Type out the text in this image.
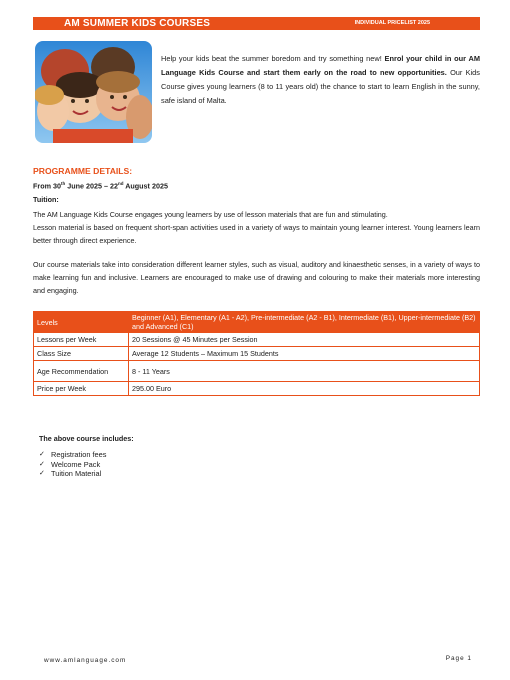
AM SUMMER KIDS COURSES	INDIVIDUAL PRICELIST 2025
Help your kids beat the summer boredom and try something new! Enrol your child in our AM Language Kids Course and start them early on the road to new opportunities. Our Kids Course gives young learners (8 to 11 years old) the chance to start to learn English in the sunny, safe island of Malta.
PROGRAMME DETAILS:
From 30th June 2025 – 22nd August 2025
Tuition:
The AM Language Kids Course engages young learners by use of lesson materials that are fun and stimulating.
Lesson material is based on frequent short-span activities used in a variety of ways to maintain young learner interest. Young learners learn better through direct experience.
Our course materials take into consideration different learner styles, such as visual, auditory and kinaesthetic senses, in a variety of ways to make learning fun and inclusive. Learners are encouraged to make use of drawing and colouring to make their materials more interesting and engaging.
Levels	Beginner (A1), Elementary (A1 - A2), Pre-intermediate (A2 - B1), Intermediate (B1), Upper-intermediate (B2) and Advanced (C1)
Lessons per Week	20 Sessions @ 45 Minutes per Session
Class Size	Average 12 Students – Maximum 15 Students
Age Recommendation	8 - 11 Years
Price per Week	295.00 Euro
The above course includes:
✓ Registration fees
✓ Welcome Pack
✓ Tuition Material
www.amlanguage.com	Page 1
